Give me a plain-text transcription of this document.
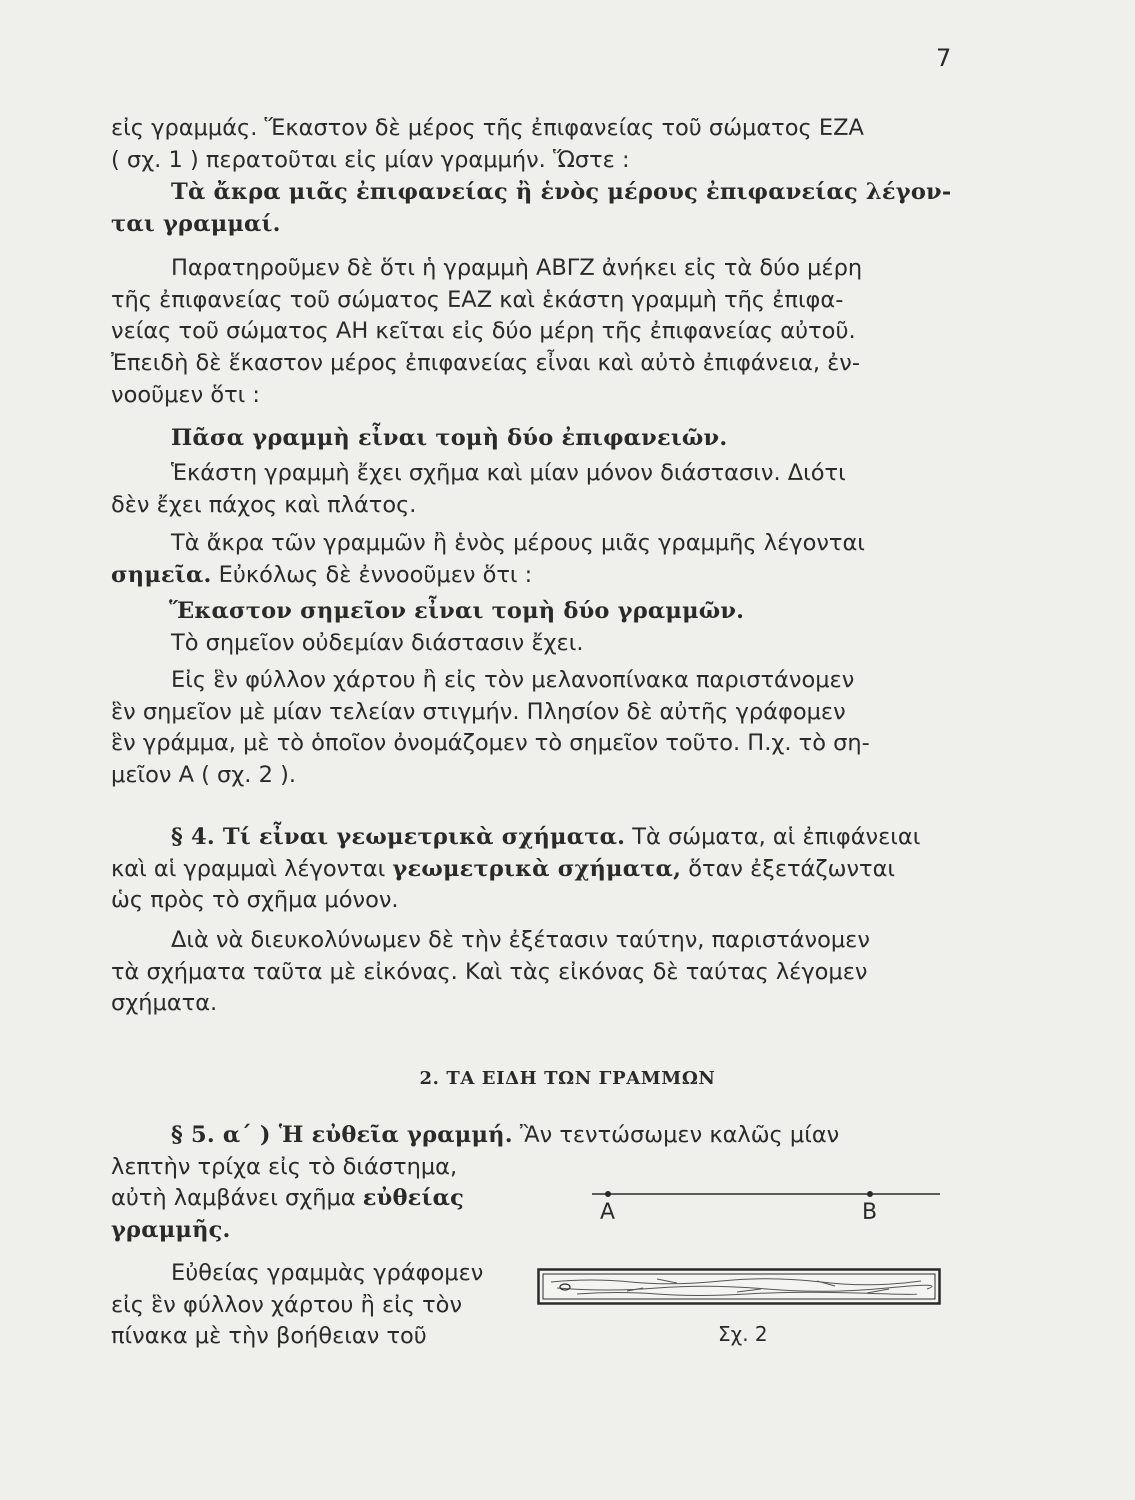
7
εἰς γραμμάς. Ἕκαστον δὲ μέρος τῆς ἐπιφανείας τοῦ σώματος ΕΖΑ
( σχ. 1 ) περατοῦται εἰς μίαν γραμμήν. Ὥστε :
Τὰ ἄκρα μιᾶς ἐπιφανείας ἢ ἑνὸς μέρους ἐπιφανείας λέγον-
ται γραμμαί.
Παρατηροῦμεν δὲ ὅτι ἡ γραμμὴ ΑΒΓΖ ἀνήκει εἰς τὰ δύο μέρη
τῆς ἐπιφανείας τοῦ σώματος ΕΑΖ καὶ ἑκάστη γραμμὴ τῆς ἐπιφα-
νείας τοῦ σώματος ΑΗ κεῖται εἰς δύο μέρη τῆς ἐπιφανείας αὐτοῦ.
Ἐπειδὴ δὲ ἕκαστον μέρος ἐπιφανείας εἶναι καὶ αὐτὸ ἐπιφάνεια, ἐν-
νοοῦμεν ὅτι :
Πᾶσα γραμμὴ εἶναι τομὴ δύο ἐπιφανειῶν.
Ἑκάστη γραμμὴ ἔχει σχῆμα καὶ μίαν μόνον διάστασιν. Διότι
δὲν ἔχει πάχος καὶ πλάτος.
Τὰ ἄκρα τῶν γραμμῶν ἢ ἑνὸς μέρους μιᾶς γραμμῆς λέγονται
σημεῖα. Εὐκόλως δὲ ἐννοοῦμεν ὅτι :
Ἕκαστον σημεῖον εἶναι τομὴ δύο γραμμῶν.
Τὸ σημεῖον οὐδεμίαν διάστασιν ἔχει.
Εἰς ἓν φύλλον χάρτου ἢ εἰς τὸν μελανοπίνακα παριστάνομεν
ἓν σημεῖον μὲ μίαν τελείαν στιγμήν. Πλησίον δὲ αὐτῆς γράφομεν
ἓν γράμμα, μὲ τὸ ὁποῖον ὀνομάζομεν τὸ σημεῖον τοῦτο. Π.χ. τὸ ση-
μεῖον Α ( σχ. 2 ).
§ 4. Τί εἶναι γεωμετρικὰ σχήματα. Τὰ σώματα, αἱ ἐπιφάνειαι
καὶ αἱ γραμμαὶ λέγονται γεωμετρικὰ σχήματα, ὅταν ἐξετάζωνται
ὡς πρὸς τὸ σχῆμα μόνον.
Διὰ νὰ διευκολύνωμεν δὲ τὴν ἐξέτασιν ταύτην, παριστάνομεν
τὰ σχήματα ταῦτα μὲ εἰκόνας. Καὶ τὰς εἰκόνας δὲ ταύτας λέγομεν
σχήματα.
2. ΤΑ ΕΙΔΗ ΤΩΝ ΓΡΑΜΜΩΝ
§ 5. α΄ ) Ἡ εὐθεῖα γραμμή. Ἂν τεντώσωμεν καλῶς μίαν
λεπτὴν τρίχα εἰς τὸ διάστημα,
αὐτὴ λαμβάνει σχῆμα εὐθείας
γραμμῆς.
Εὐθείας γραμμὰς γράφομεν
εἰς ἓν φύλλον χάρτου ἢ εἰς τὸν
πίνακα μὲ τὴν βοήθειαν τοῦ
Α	Β
Σχ. 2
